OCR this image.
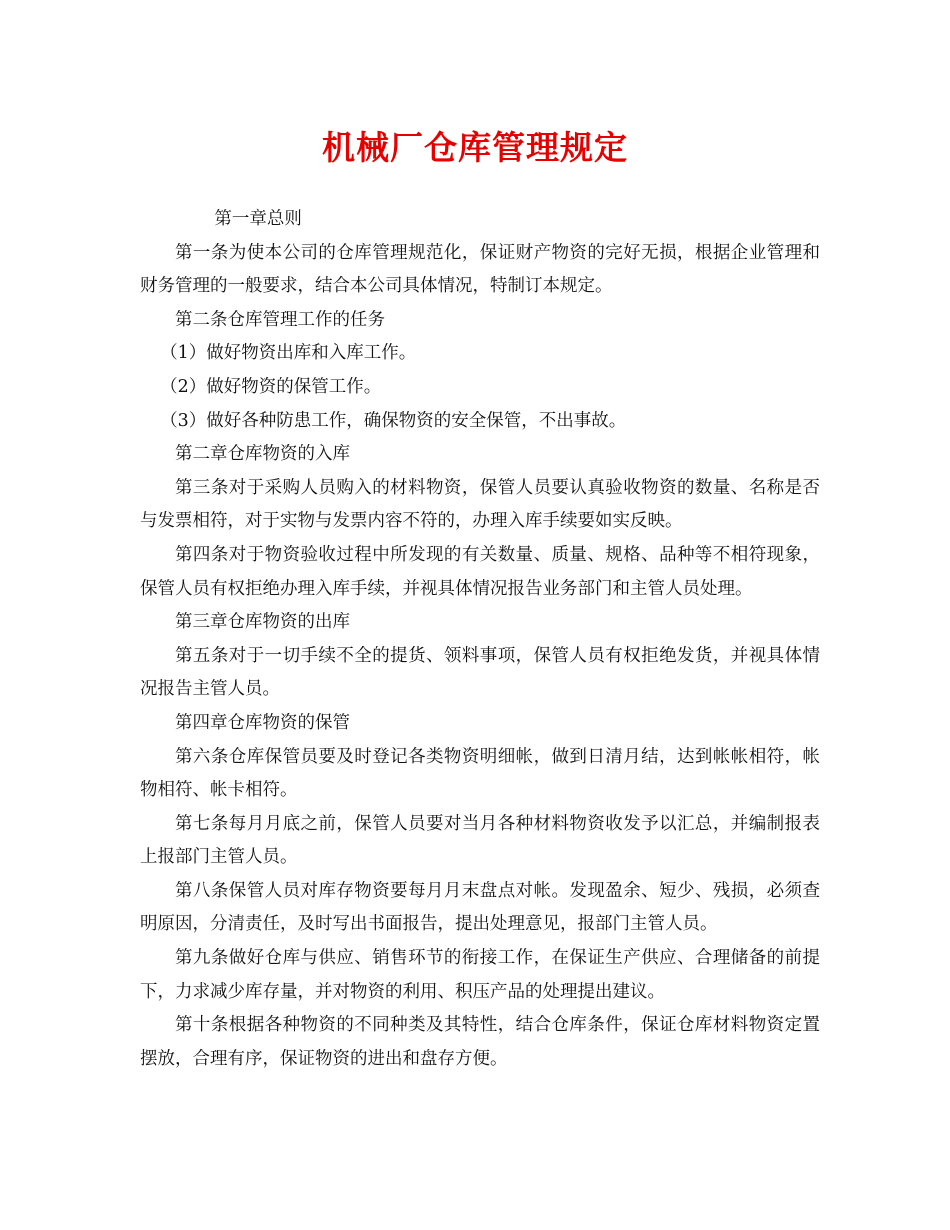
机械厂仓库管理规定

第一章总则

第一条为使本公司的仓库管理规范化，保证财产物资的完好无损，根据企业管理和财务管理的一般要求，结合本公司具体情况，特制订本规定。

第二条仓库管理工作的任务

（1）做好物资出库和入库工作。

（2）做好物资的保管工作。

（3）做好各种防患工作，确保物资的安全保管，不出事故。

第二章仓库物资的入库

第三条对于采购人员购入的材料物资，保管人员要认真验收物资的数量、名称是否与发票相符，对于实物与发票内容不符的，办理入库手续要如实反映。

第四条对于物资验收过程中所发现的有关数量、质量、规格、品种等不相符现象，保管人员有权拒绝办理入库手续，并视具体情况报告业务部门和主管人员处理。

第三章仓库物资的出库

第五条对于一切手续不全的提货、领料事项，保管人员有权拒绝发货，并视具体情况报告主管人员。

第四章仓库物资的保管

第六条仓库保管员要及时登记各类物资明细帐，做到日清月结，达到帐帐相符，帐物相符、帐卡相符。

第七条每月月底之前，保管人员要对当月各种材料物资收发予以汇总，并编制报表上报部门主管人员。

第八条保管人员对库存物资要每月月末盘点对帐。发现盈余、短少、残损，必须查明原因，分清责任，及时写出书面报告，提出处理意见，报部门主管人员。

第九条做好仓库与供应、销售环节的衔接工作，在保证生产供应、合理储备的前提下，力求减少库存量，并对物资的利用、积压产品的处理提出建议。

第十条根据各种物资的不同种类及其特性，结合仓库条件，保证仓库材料物资定置摆放，合理有序，保证物资的进出和盘存方便。
